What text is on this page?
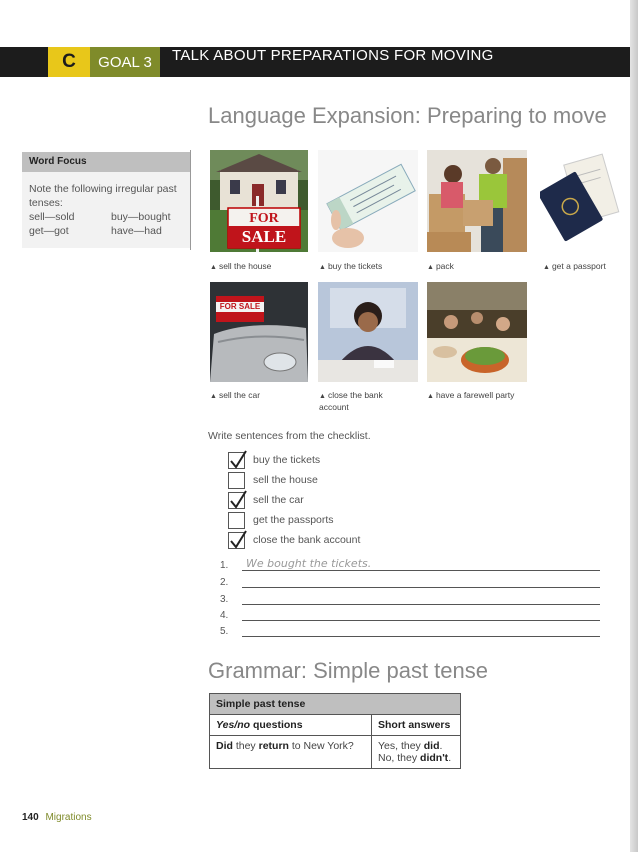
C	GOAL 3	TALK ABOUT PREPARATIONS FOR MOVING
Word Focus
Note the following irregular past tenses:
sell—sold	buy—bought
get—got	have—had
Language Expansion: Preparing to move
FOR
SALE
▲ sell the house	▲ buy the tickets	▲ pack	▲ get a passport
FOR SALE
▲ sell the car	▲ close the bank account
▲ have a farewell party
Write sentences from the checklist.
buy the tickets
sell the house
sell the car
get the passports
close the bank account
1. We bought the tickets.
2.
3.
4.
5.
Grammar: Simple past tense
Simple past tense	
Yes/no questions	Short answers
Did they return to New York?	Yes, they did.
No, they didn't.
140 Migrations
